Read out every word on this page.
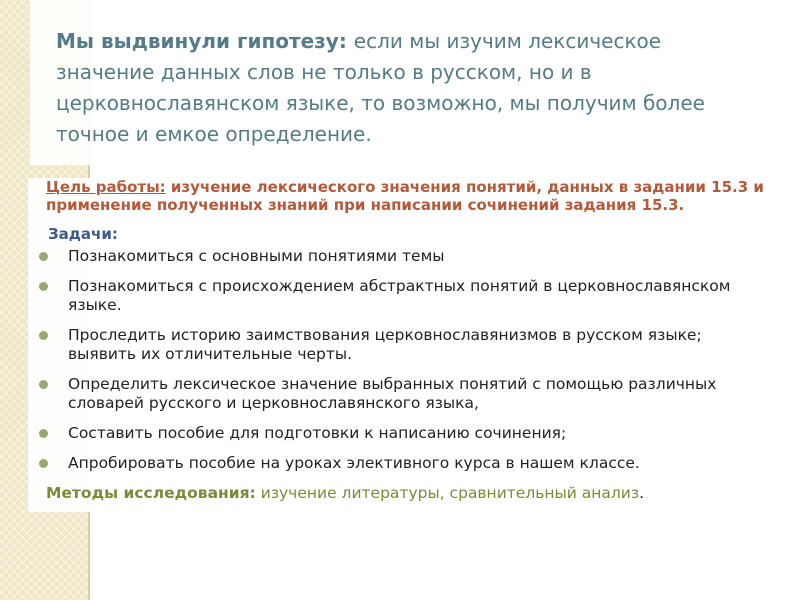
Мы выдвинули гипотезу: если мы изучим лексическое значение данных слов не только в русском, но и в церковнославянском языке, то возможно, мы получим более точное и емкое определение.
Цель работы: изучение лексического значения понятий, данных в задании 15.3 и применение полученных знаний при написании сочинений задания 15.3.
Задачи:
Познакомиться с основными понятиями темы
Познакомиться с происхождением абстрактных понятий в церковнославянском языке.
Проследить историю заимствования церковнославянизмов в русском языке; выявить их отличительные черты.
Определить лексическое значение выбранных понятий с помощью различных словарей русского и церковнославянского языка,
Составить пособие для подготовки к написанию сочинения;
Апробировать пособие на уроках элективного курса в нашем классе.
Методы исследования: изучение литературы, сравнительный анализ.
